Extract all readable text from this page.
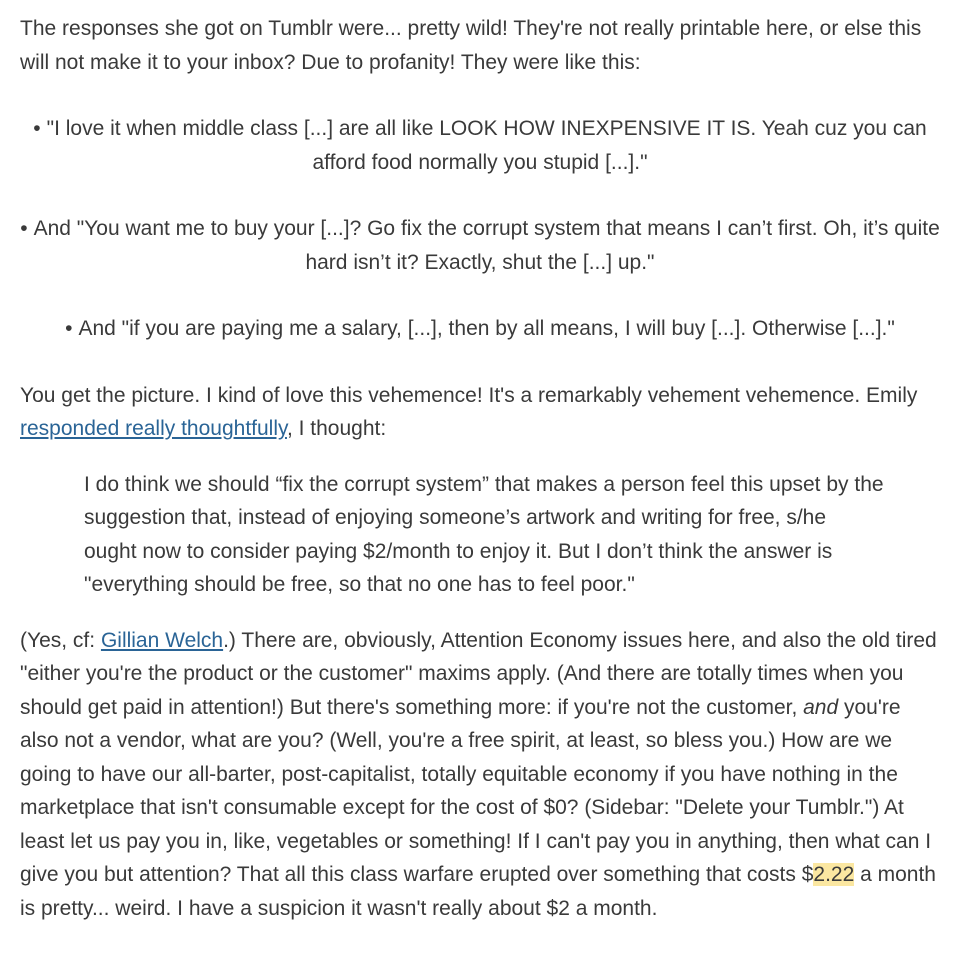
The responses she got on Tumblr were... pretty wild! They're not really printable here, or else this will not make it to your inbox? Due to profanity! They were like this:

• "I love it when middle class [...] are all like LOOK HOW INEXPENSIVE IT IS. Yeah cuz you can afford food normally you stupid [...]."
• And "You want me to buy your [...]? Go fix the corrupt system that means I can’t first. Oh, it’s quite hard isn’t it? Exactly, shut the [...] up."
• And "if you are paying me a salary, [...], then by all means, I will buy [...]. Otherwise [...]."

You get the picture. I kind of love this vehemence! It's a remarkably vehement vehemence. Emily responded really thoughtfully, I thought:

I do think we should “fix the corrupt system” that makes a person feel this upset by the suggestion that, instead of enjoying someone’s artwork and writing for free, s/he ought now to consider paying $2/month to enjoy it. But I don’t think the answer is "everything should be free, so that no one has to feel poor."

(Yes, cf: Gillian Welch.) There are, obviously, Attention Economy issues here, and also the old tired "either you're the product or the customer" maxims apply. (And there are totally times when you should get paid in attention!) But there's something more: if you're not the customer, and you're also not a vendor, what are you? (Well, you're a free spirit, at least, so bless you.) How are we going to have our all-barter, post-capitalist, totally equitable economy if you have nothing in the marketplace that isn't consumable except for the cost of $0? (Sidebar: "Delete your Tumblr.") At least let us pay you in, like, vegetables or something! If I can't pay you in anything, then what can I give you but attention? That all this class warfare erupted over something that costs $2.22 a month is pretty... weird. I have a suspicion it wasn't really about $2 a month.
